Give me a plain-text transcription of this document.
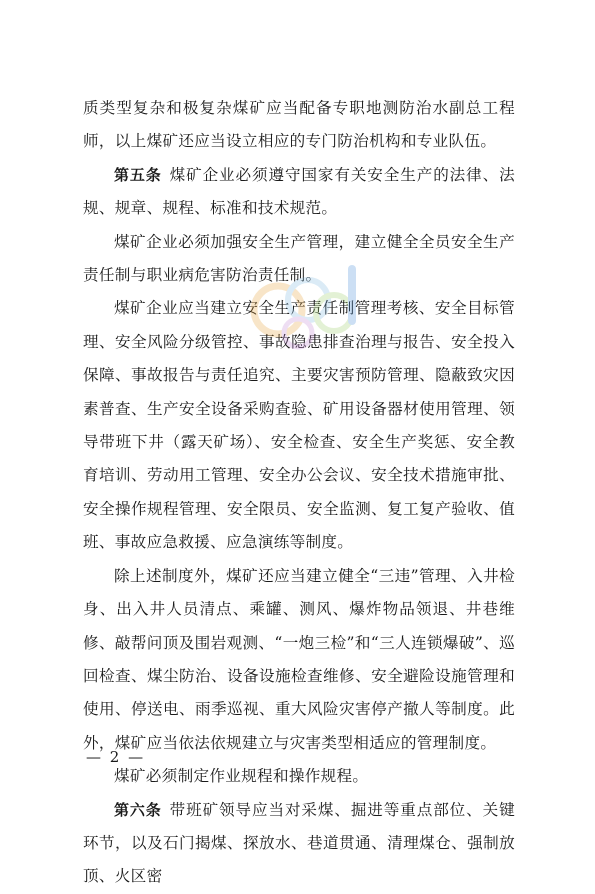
质类型复杂和极复杂煤矿应当配备专职地测防治水副总工程师，以上煤矿还应当设立相应的专门防治机构和专业队伍。

第五条 煤矿企业必须遵守国家有关安全生产的法律、法规、规章、规程、标准和技术规范。

煤矿企业必须加强安全生产管理，建立健全全员安全生产责任制与职业病危害防治责任制。

煤矿企业应当建立安全生产责任制管理考核、安全目标管理、安全风险分级管控、事故隐患排查治理与报告、安全投入保障、事故报告与责任追究、主要灾害预防管理、隐蔽致灾因素普查、生产安全设备采购查验、矿用设备器材使用管理、领导带班下井（露天矿场）、安全检查、安全生产奖惩、安全教育培训、劳动用工管理、安全办公会议、安全技术措施审批、安全操作规程管理、安全限员、安全监测、复工复产验收、值班、事故应急救援、应急演练等制度。

除上述制度外，煤矿还应当建立健全“三违”管理、入井检身、出入井人员清点、乘罐、测风、爆炸物品领退、井巷维修、敲帮问顶及围岩观测、“一炮三检”和“三人连锁爆破”、巡回检查、煤尘防治、设备设施检查维修、安全避险设施管理和使用、停送电、雨季巡视、重大风险灾害停产撤人等制度。此外，煤矿应当依法依规建立与灾害类型相适应的管理制度。

煤矿必须制定作业规程和操作规程。

第六条 带班矿领导应当对采煤、掘进等重点部位、关键环节，以及石门揭煤、探放水、巷道贯通、清理煤仓、强制放顶、火区密

— 2 —
